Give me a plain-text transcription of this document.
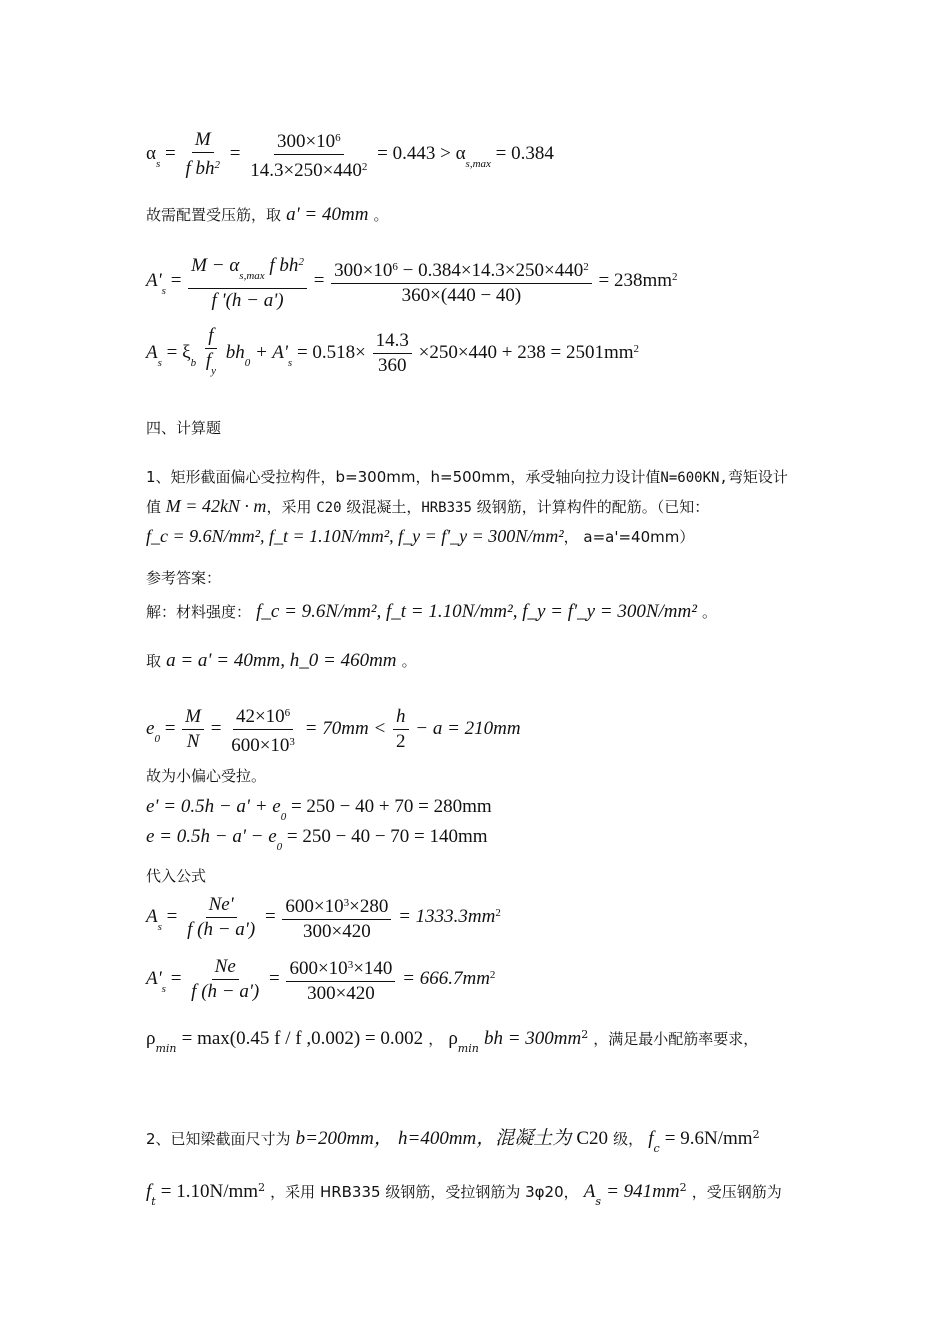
$\alpha_s = \frac{M}{f bh^2} = \frac{300\times 10^6}{14.3\times 250\times 440^2} = 0.443 > \alpha_{s,max} = 0.384$
故需配置受压筋，取 a' = 40mm 。
$A'_s = \frac{M - \alpha_{s,max} f bh^2}{f '(h - a')} = \frac{300\times 10^6 - 0.384\times 14.3\times 250\times 440^2}{360\times(440 - 40)} = 238mm^2$
$A_s = \xi_b \frac{f}{f_y} bh_0 + A'_s = 0.518\times \frac{14.3}{360} \times 250\times 440 + 238 = 2501mm^2$
四、计算题
1、矩形截面偏心受拉构件，b=300mm，h=500mm，承受轴向拉力设计值N=600KN,弯矩设计
值 M = 42kN · m，采用 C20 级混凝土，HRB335 级钢筋，计算构件的配筋。（已知：
f_c = 9.6N/mm², f_t = 1.10N/mm², f_y = f'_y = 300N/mm²， a=a'=40mm）
参考答案：
解：材料强度： f_c = 9.6N/mm², f_t = 1.10N/mm², f_y = f'_y = 300N/mm² 。
取 a = a' = 40mm, h_0 = 460mm 。
$e_0 = \frac{M}{N} = \frac{42\times 10^6}{600\times 10^3} = 70mm < \frac{h}{2} - a = 210mm$
故为小偏心受拉。
$e' = 0.5h - a' + e_0 = 250 - 40 + 70 = 280mm$
$e = 0.5h - a' - e_0 = 250 - 40 - 70 = 140mm$
代入公式
$A_s = \frac{Ne'}{f (h - a')} = \frac{600\times 10^3\times 280}{300\times 420} = 1333.3mm^2$
$A'_s = \frac{Ne}{f (h - a')} = \frac{600\times 10^3\times 140}{300\times 420} = 666.7mm^2$
$\rho_{min} = \max(0.45$ f / f ,0.002) = 0.002 ， $\rho_{min}$ bh = $300mm^2$ ，满足最小配筋率要求，
2、已知梁截面尺寸为 b=200mm， h=400mm，混凝土为 C20 级， $f_c = 9.6N/mm^2$
$f_t = 1.10N/mm^2$ ，采用 HRB335 级钢筋，受拉钢筋为 3φ20， $A_s = 941mm^2$ ，受压钢筋为
